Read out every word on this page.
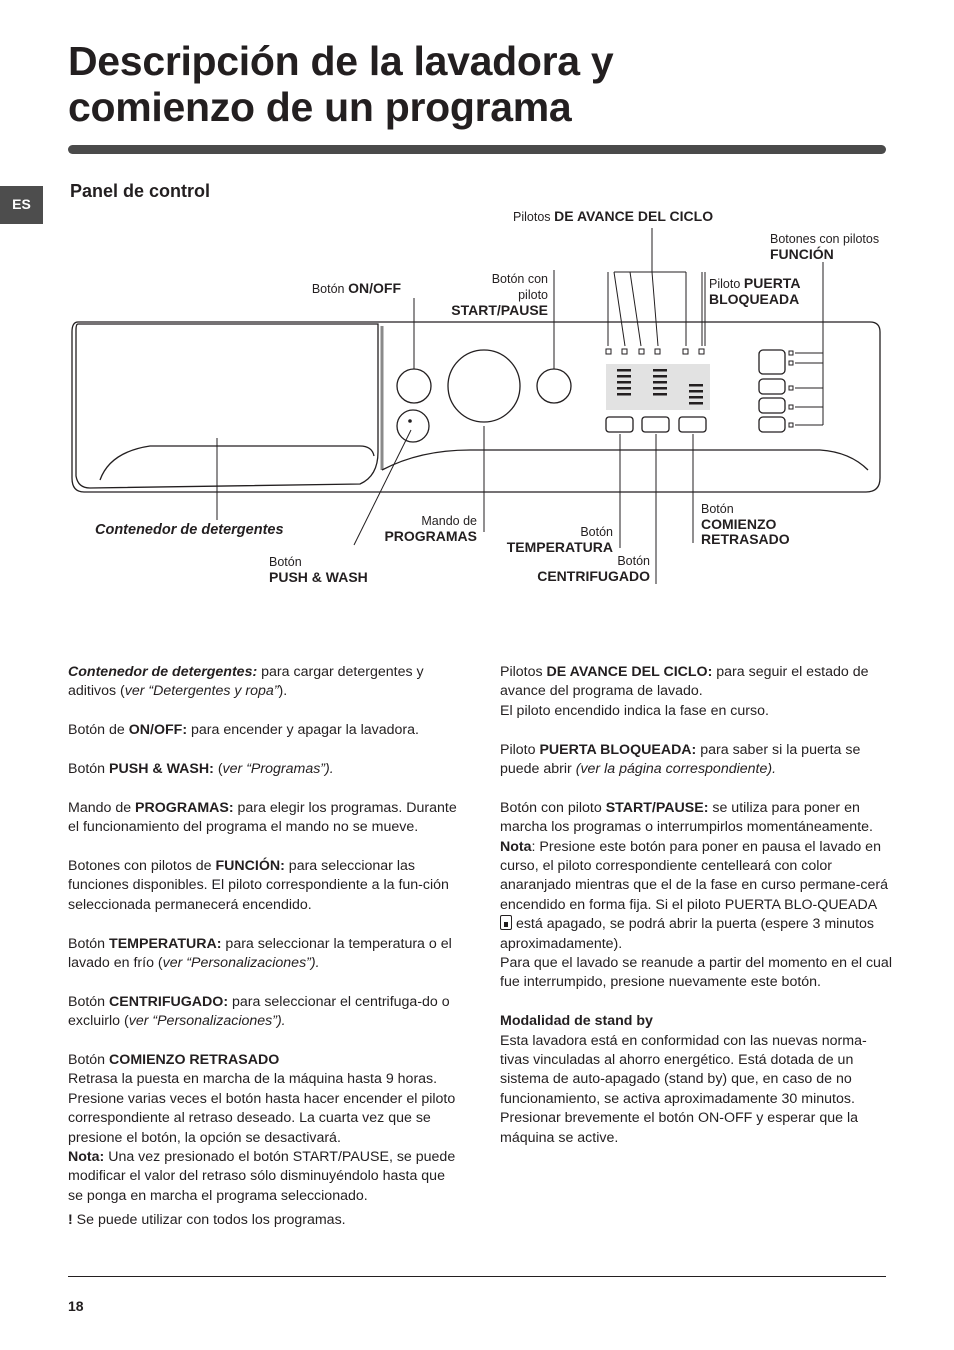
Descripción de la lavadora y
comienzo de un programa
ES
Panel de control
Pilotos DE AVANCE DEL CICLO
Botones con pilotos
FUNCIÓN
Botón ON/OFF
Botón con
piloto
START/PAUSE
Piloto PUERTA
BLOQUEADA
Contenedor de detergentes
Mando de
PROGRAMAS	Botón
TEMPERATURA
Botón
PUSH & WASH
Botón
CENTRIFUGADO
Botón
COMIENZO
RETRASADO

Contenedor de detergentes: para cargar detergentes y aditivos (ver “Detergentes y ropa”).

Botón de ON/OFF: para encender y apagar la lavadora.

Botón PUSH & WASH: (ver “Programas”).

Mando de PROGRAMAS: para elegir los programas. Durante el funcionamiento del programa el mando no se mueve.

Botones con pilotos de FUNCIÓN: para seleccionar las funciones disponibles. El piloto correspondiente a la fun-ción seleccionada permanecerá encendido.

Botón TEMPERATURA: para seleccionar la temperatura o el lavado en frío (ver “Personalizaciones”).

Botón CENTRIFUGADO: para seleccionar el centrifuga-do o excluirlo (ver “Personalizaciones”).

Botón COMIENZO RETRASADO
Retrasa la puesta en marcha de la máquina hasta 9 horas. Presione varias veces el botón hasta hacer encender el piloto correspondiente al retraso deseado. La cuarta vez que se presione el botón, la opción se desactivará.
Nota: Una vez presionado el botón START/PAUSE, se puede modificar el valor del retraso sólo disminuyéndolo hasta que se ponga en marcha el programa seleccionado.

! Se puede utilizar con todos los programas.

Pilotos DE AVANCE DEL CICLO: para seguir el estado de avance del programa de lavado.
El piloto encendido indica la fase en curso.

Piloto PUERTA BLOQUEADA: para saber si la puerta se puede abrir (ver la página correspondiente).

Botón con piloto START/PAUSE: se utiliza para poner en marcha los programas o interrumpirlos momentáneamente.
Nota: Presione este botón para poner en pausa el lavado en curso, el piloto correspondiente centelleará con color anaranjado mientras que el de la fase en curso permane-cerá encendido en forma fija. Si el piloto PUERTA BLO-QUEADA  está apagado, se podrá abrir la puerta (espere 3 minutos aproximadamente).
Para que el lavado se reanude a partir del momento en el cual fue interrumpido, presione nuevamente este botón.

Modalidad de stand by
Esta lavadora está en conformidad con las nuevas norma-tivas vinculadas al ahorro energético. Está dotada de un sistema de auto-apagado (stand by) que, en caso de no funcionamiento, se activa aproximadamente 30 minutos. Presionar brevemente el botón ON-OFF y esperar que la máquina se active.

18
